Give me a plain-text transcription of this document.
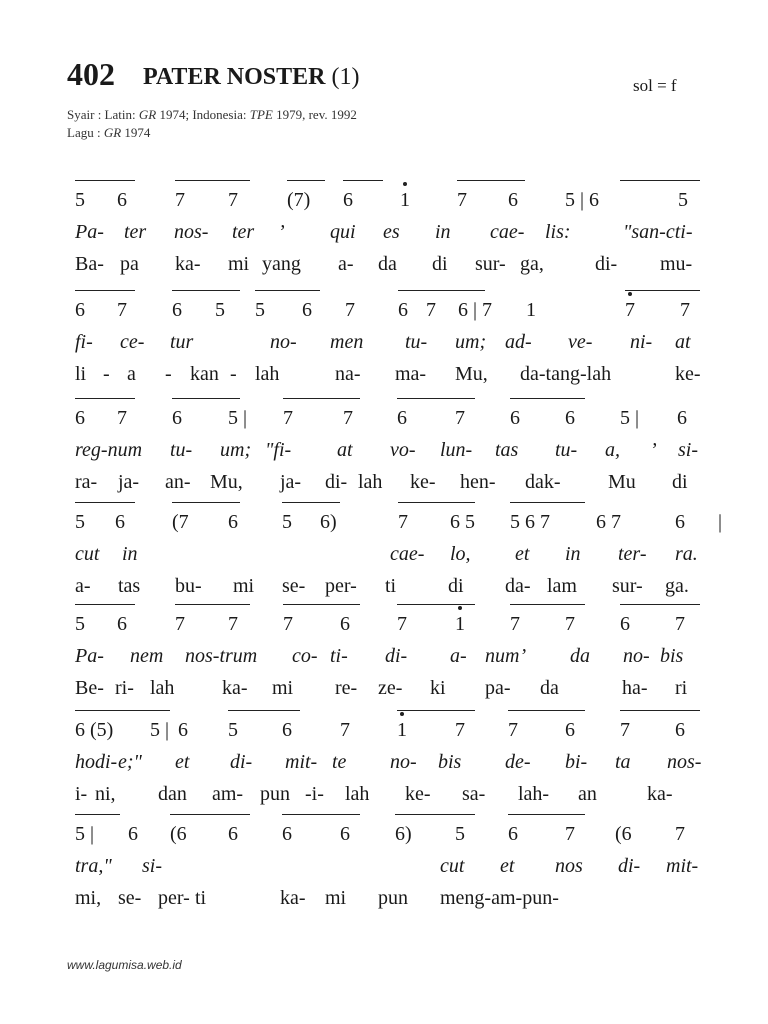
402 PATER NOSTER (1)	sol = f
Syair : Latin: GR 1974; Indonesia: TPE 1979, rev. 1992
Lagu : GR 1974
5 6 7 7 (7) 6 1 7 6 5 | 6	5
Pa- ter nos- ter ’ qui es in cae- lis:	"san-cti-
Ba- pa ka- mi yang a- da di sur- ga,	di- mu-
6 7 6 5 5 6 7 6 7 6 | 7 1	7 7
fi- ce- tur	no- men tu- um; ad- ve- ni- at
li - a - kan - lah	na- ma- Mu, da-tang-lah	ke-
6 7 6 5 | 7	7 6 7 6 6 5 | 6
reg-num tu- um; "fi- at vo- lun- tas tu- a, ’ si-
ra- ja- an- Mu, ja- di- lah ke- hen- dak- Mu di
5 6 (7 6 5 6)	7 6 5 5 6 7 6 7	6 |
cut in	cae- lo, et in ter- ra.
a- tas bu- mi se- per- ti	di da- lam sur- ga.
5 6 7 7 7 6 7 1 7 7 6 7
Pa- nem nos-trum co- ti- di- a- num’ da no- bis
Be- ri- lah ka- mi re- ze- ki pa- da	ha- ri
6 (5) 5 | 6 5 6 7 1 7 7 6 7 6
hodi- e;" et di- mit- te no- bis de- bi- ta nos-
i- ni, dan am- pun -i- lah ke- sa- lah- an	ka-
5 | 6 (6 6 6 6 6) 5 6 7 (6 7
tra," si-	cut et nos di- mit-
mi, se- per- ti	ka- mi pun meng-am-pun-
www.lagumisa.web.id
